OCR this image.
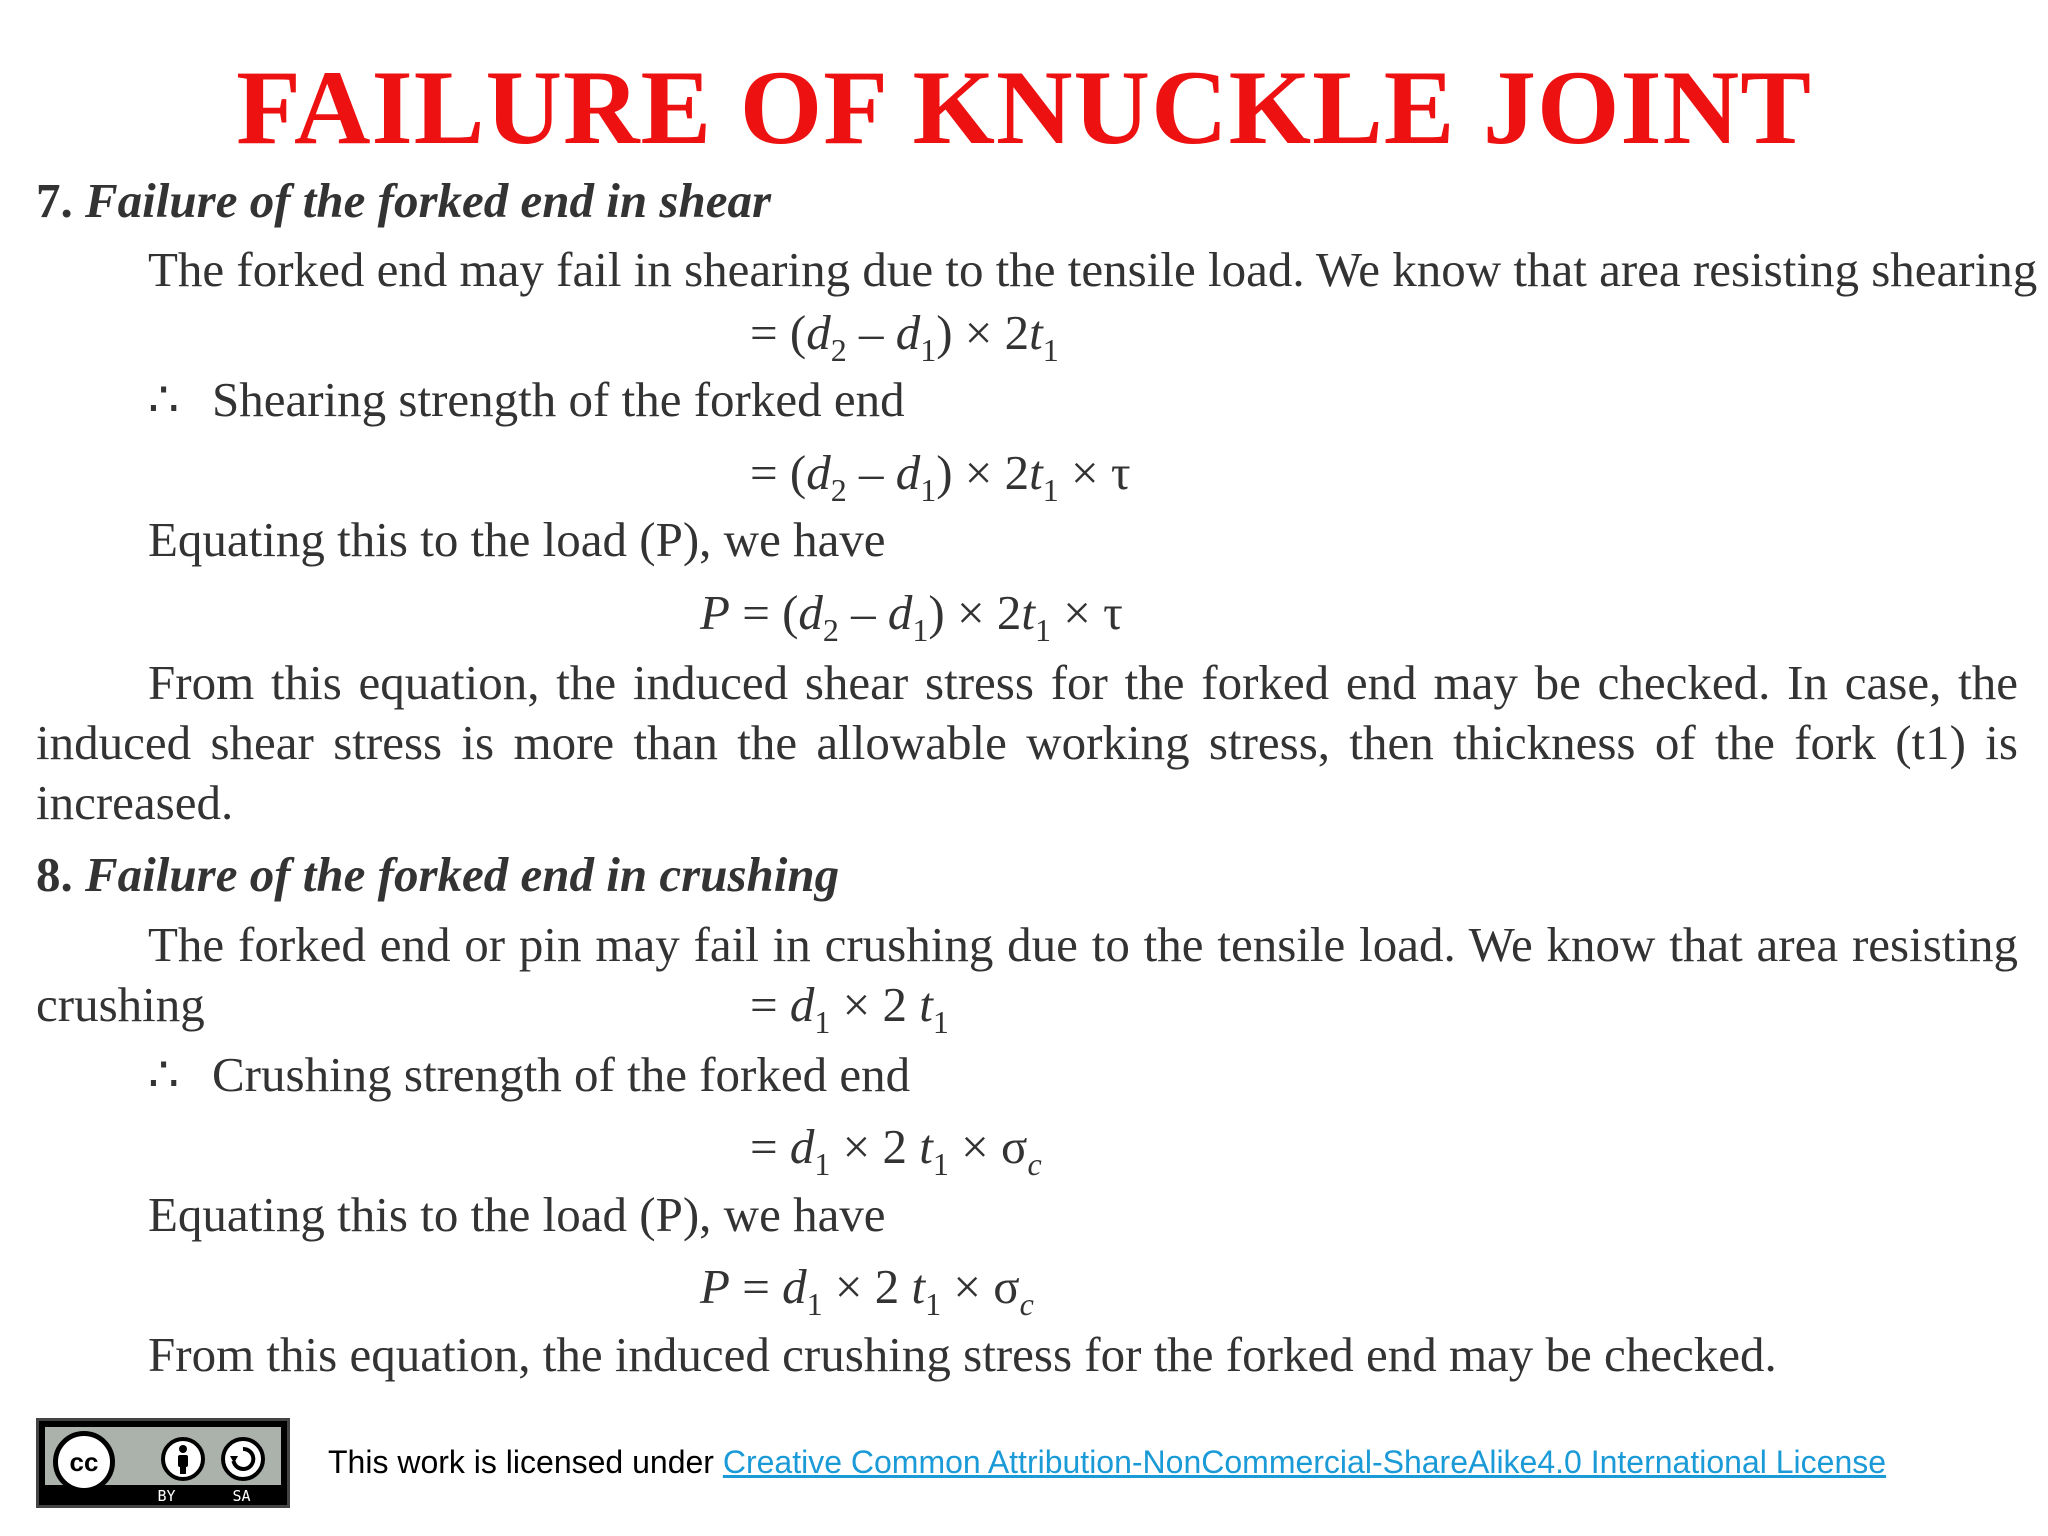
FAILURE OF KNUCKLE JOINT
7. Failure of the forked end in shear
The forked end may fail in shearing due to the tensile load. We know that area resisting shearing
= $(d_2 - d_1) \times 2t_1$
∴ Shearing strength of the forked end
= $(d_2 - d_1) \times 2t_1 \times \tau$
Equating this to the load (P), we have
$P = (d_2 - d_1) \times 2t_1 \times \tau$
From this equation, the induced shear stress for the forked end may be checked. In case, the
induced shear stress is more than the allowable working stress, then thickness of the fork (t1) is
increased.
8. Failure of the forked end in crushing
The forked end or pin may fail in crushing due to the tensile load. We know that area resisting
crushing	= $d_1 \times 2$ $t_1$
∴ Crushing strength of the forked end
= $d_1 \times 2$ $t_1 \times \sigma_c$
Equating this to the load (P), we have
$P = d_1 \times 2$ $t_1 \times \sigma_c$
From this equation, the induced crushing stress for the forked end may be checked.
cc
BY	SA
This work is licensed under Creative Common Attribution-NonCommercial-ShareAlike4.0 International License
